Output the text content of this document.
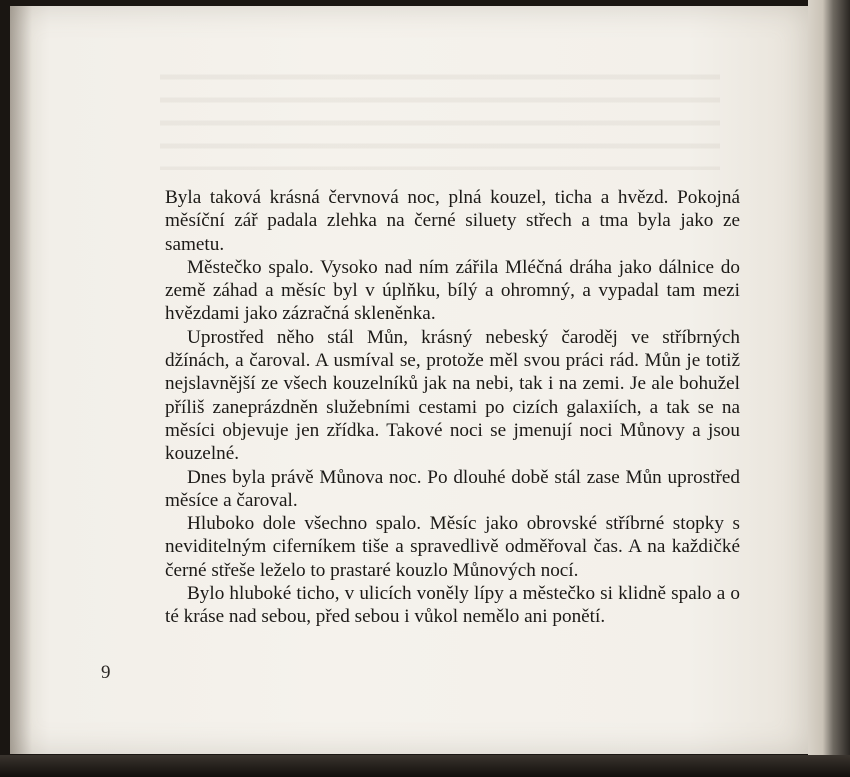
Byla taková krásná červnová noc, plná kouzel, ticha a hvězd. Pokojná měsíční zář padala zlehka na černé siluety střech a tma byla jako ze sametu.

Městečko spalo. Vysoko nad ním zářila Mléčná dráha jako dálnice do země záhad a měsíc byl v úplňku, bílý a ohromný, a vypadal tam mezi hvězdami jako zázračná skleněnka.

Uprostřed něho stál Můn, krásný nebeský čaroděj ve stříbrných džínách, a čaroval. A usmíval se, protože měl svou práci rád. Můn je totiž nejslavnější ze všech kouzelníků jak na nebi, tak i na zemi. Je ale bohužel příliš zaneprázdněn služebními cestami po cizích galaxiích, a tak se na měsíci objevuje jen zřídka. Takové noci se jmenují noci Můnovy a jsou kouzelné.

Dnes byla právě Můnova noc. Po dlouhé době stál zase Můn uprostřed měsíce a čaroval.

Hluboko dole všechno spalo. Měsíc jako obrovské stříbrné stopky s neviditelným ciferníkem tiše a spravedlivě odměřoval čas. A na každičké černé střeše leželo to prastaré kouzlo Můnových nocí.

Bylo hluboké ticho, v ulicích voněly lípy a městečko si klidně spalo a o té kráse nad sebou, před sebou i vůkol nemělo ani ponětí.

9
